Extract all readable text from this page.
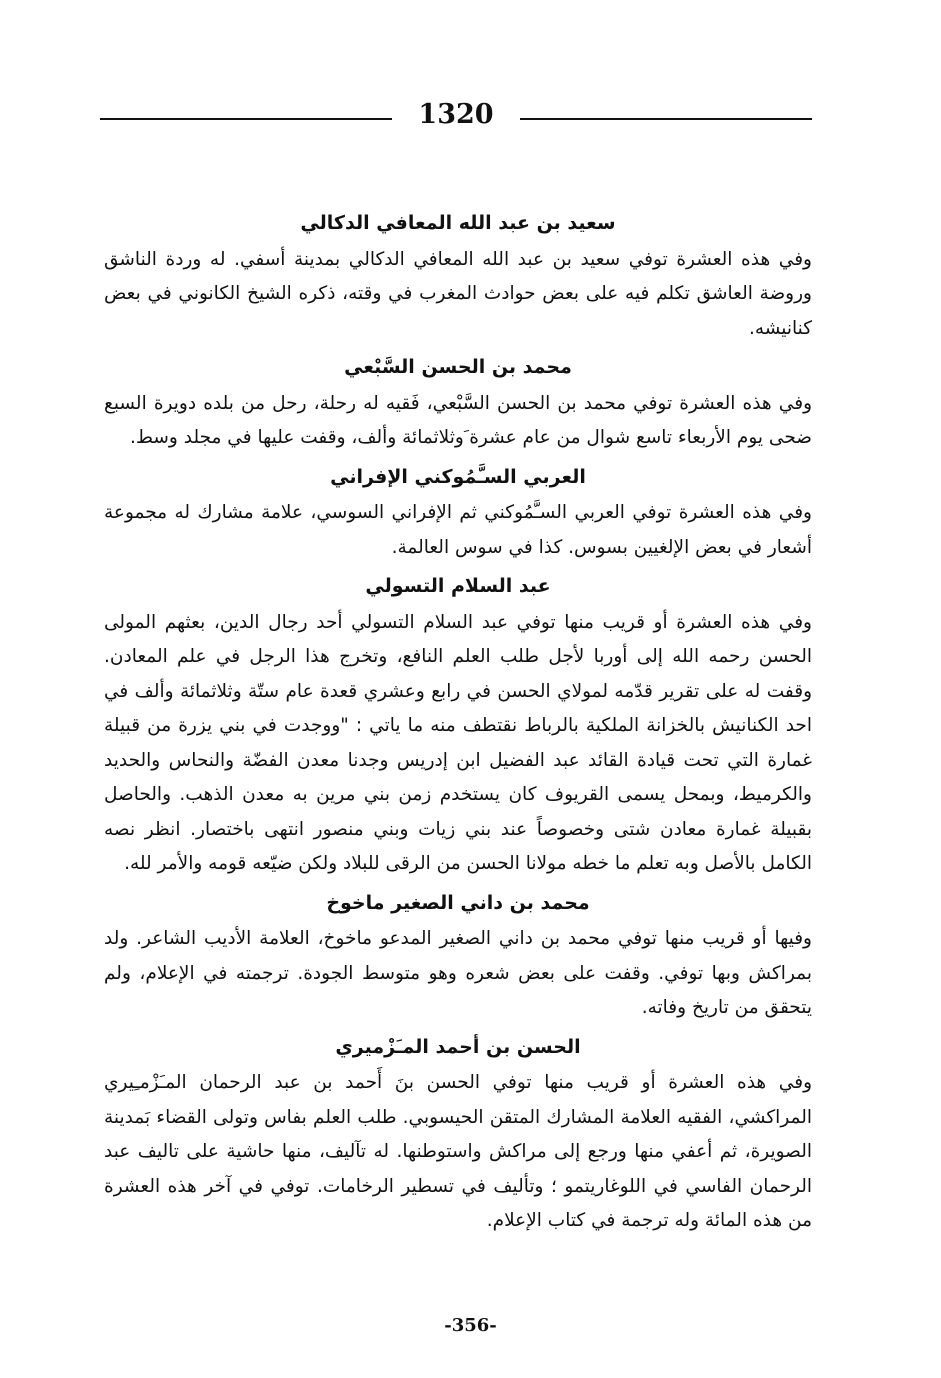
1320
سعيد بن عبد الله المعافي الدكالي
وفي هذه العشرة توفي سعيد بن عبد الله المعافي الدكالي بمدينة أسفي. له وردة الناشق وروضة العاشق تكلم فيه على بعض حوادث المغرب في وقته، ذكره الشيخ الكانوني في بعض كنانيشه.
محمد بن الحسن السَّبْعي
وفي هذه العشرة توفي محمد بن الحسن السَّبْعي، فَقيه له رحلة، رحل من بلده دويرة السبع ضحى يوم الأربعاء تاسع شوال من عام عشرة َوثلاثمائة وألف، وقفت عليها في مجلد وسط.
العربي السـَّمُوكني الإفراني
وفي هذه العشرة توفي العربي السـَّمُوكني ثم الإفراني السوسي، علامة مشارك له مجموعة أشعار في بعض الإلغيين بسوس. كذا في سوس العالمة.
عبد السلام التسولي
وفي هذه العشرة أو قريب منها توفي عبد السلام التسولي أحد رجال الدين، بعثهم المولى الحسن رحمه الله إلى أوربا لأجل طلب العلم النافع، وتخرج هذا الرجل في علم المعادن. وقفت له على تقرير قدّمه لمولاي الحسن في رابع وعشري قعدة عام ستّة وثلاثمائة وألف في احد الكنانيش بالخزانة الملكية بالرباط نقتطف منه ما ياتي : "ووجدت في بني يزرة من قبيلة غمارة التي تحت قيادة القائد عبد الفضيل ابن إدريس وجدنا معدن الفضّة والنحاس والحديد والكرميط، وبمحل يسمى القريوف كان يستخدم زمن بني مرين به معدن الذهب. والحاصل بقبيلة غمارة معادن شتى وخصوصاً عند بني زيات وبني منصور انتهى باختصار. انظر نصه الكامل بالأصل وبه تعلم ما خطه مولانا الحسن من الرقى للبلاد ولكن ضيّعه قومه والأمر لله.
محمد بن داني الصغير ماخوخ
وفيها أو قريب منها توفي محمد بن داني الصغير المدعو ماخوخ، العلامة الأديب الشاعر. ولد بمراكش وبها توفي. وقفت على بعض شعره وهو متوسط الجودة. ترجمته في الإعلام، ولم يتحقق من تاريخ وفاته.
الحسن بن أحمد المـَزْميري
وفي هذه العشرة أو قريب منها توفي الحسن بنَ أَحمد بن عبد الرحمان المـَزْمـِيري المراكشي، الفقيه العلامة المشارك المتقن الحيسوبي. طلب العلم بفاس وتولى القضاء بَمدينة الصويرة، ثم أعفي منها ورجع إلى مراكش واستوطنها. له تآليف، منها حاشية على تاليف عبد الرحمان الفاسي في اللوغاريتمو ؛ وتأليف في تسطير الرخامات. توفي في آخر هذه العشرة من هذه المائة وله ترجمة في كتاب الإعلام.
-356-
